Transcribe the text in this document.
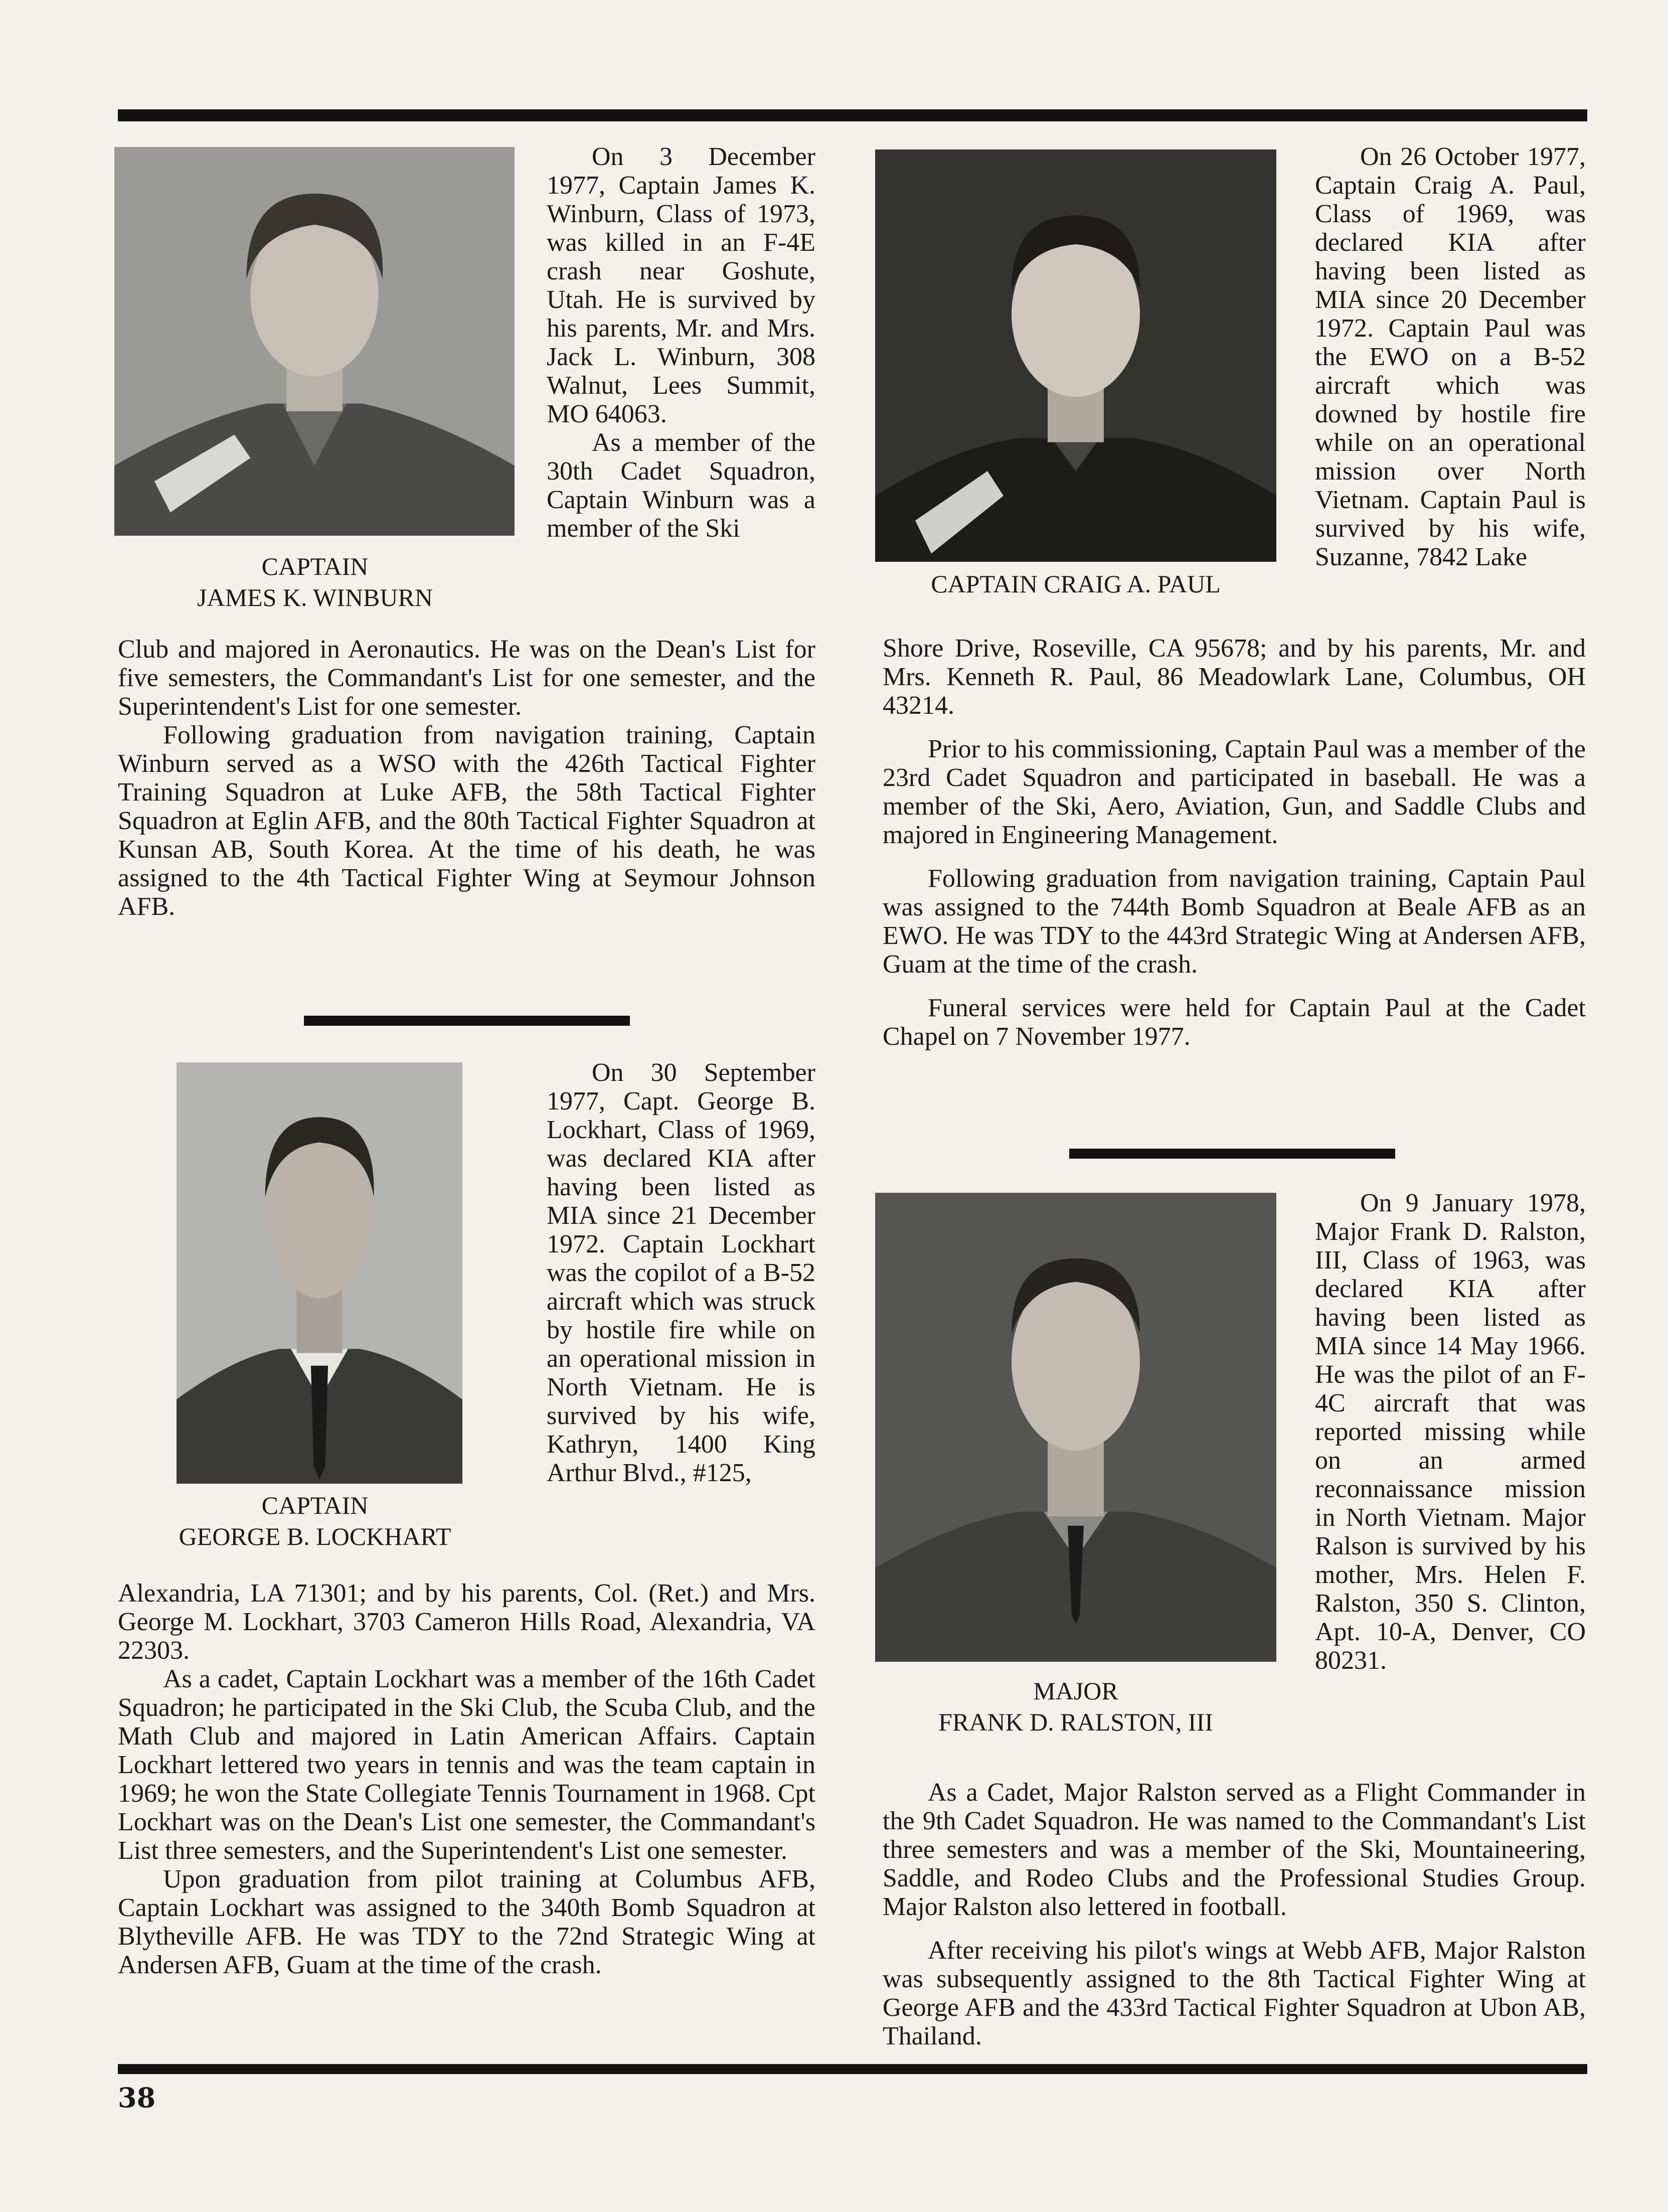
CAPTAIN
JAMES K. WINBURN

On 3 December 1977, Captain James K. Winburn, Class of 1973, was killed in an F-4E crash near Goshute, Utah. He is survived by his parents, Mr. and Mrs. Jack L. Winburn, 308 Walnut, Lees Summit, MO 64063.

As a member of the 30th Cadet Squadron, Captain Winburn was a member of the Ski

Club and majored in Aeronautics. He was on the Dean's List for five semesters, the Commandant's List for one semester, and the Superintendent's List for one semester.

Following graduation from navigation training, Captain Winburn served as a WSO with the 426th Tactical Fighter Training Squadron at Luke AFB, the 58th Tactical Fighter Squadron at Eglin AFB, and the 80th Tactical Fighter Squadron at Kunsan AB, South Korea. At the time of his death, he was assigned to the 4th Tactical Fighter Wing at Seymour Johnson AFB.

CAPTAIN
GEORGE B. LOCKHART

On 30 September 1977, Capt. George B. Lockhart, Class of 1969, was declared KIA after having been listed as MIA since 21 December 1972. Captain Lockhart was the copilot of a B-52 aircraft which was struck by hostile fire while on an operational mission in North Vietnam. He is survived by his wife, Kathryn, 1400 King Arthur Blvd., #125,

Alexandria, LA 71301; and by his parents, Col. (Ret.) and Mrs. George M. Lockhart, 3703 Cameron Hills Road, Alexandria, VA 22303.

As a cadet, Captain Lockhart was a member of the 16th Cadet Squadron; he participated in the Ski Club, the Scuba Club, and the Math Club and majored in Latin American Affairs. Captain Lockhart lettered two years in tennis and was the team captain in 1969; he won the State Collegiate Tennis Tournament in 1968. Cpt Lockhart was on the Dean's List one semester, the Commandant's List three semesters, and the Superintendent's List one semester.

Upon graduation from pilot training at Columbus AFB, Captain Lockhart was assigned to the 340th Bomb Squadron at Blytheville AFB. He was TDY to the 72nd Strategic Wing at Andersen AFB, Guam at the time of the crash.

CAPTAIN CRAIG A. PAUL

On 26 October 1977, Captain Craig A. Paul, Class of 1969, was declared KIA after having been listed as MIA since 20 December 1972. Captain Paul was the EWO on a B-52 aircraft which was downed by hostile fire while on an operational mission over North Vietnam. Captain Paul is survived by his wife, Suzanne, 7842 Lake

Shore Drive, Roseville, CA 95678; and by his parents, Mr. and Mrs. Kenneth R. Paul, 86 Meadowlark Lane, Columbus, OH 43214.

Prior to his commissioning, Captain Paul was a member of the 23rd Cadet Squadron and participated in baseball. He was a member of the Ski, Aero, Aviation, Gun, and Saddle Clubs and majored in Engineering Management.

Following graduation from navigation training, Captain Paul was assigned to the 744th Bomb Squadron at Beale AFB as an EWO. He was TDY to the 443rd Strategic Wing at Andersen AFB, Guam at the time of the crash.

Funeral services were held for Captain Paul at the Cadet Chapel on 7 November 1977.

MAJOR
FRANK D. RALSTON, III

On 9 January 1978, Major Frank D. Ralston, III, Class of 1963, was declared KIA after having been listed as MIA since 14 May 1966. He was the pilot of an F-4C aircraft that was reported missing while on an armed reconnaissance mission in North Vietnam. Major Ralson is survived by his mother, Mrs. Helen F. Ralston, 350 S. Clinton, Apt. 10-A, Denver, CO 80231.

As a Cadet, Major Ralston served as a Flight Commander in the 9th Cadet Squadron. He was named to the Commandant's List three semesters and was a member of the Ski, Mountaineering, Saddle, and Rodeo Clubs and the Professional Studies Group. Major Ralston also lettered in football.

After receiving his pilot's wings at Webb AFB, Major Ralston was subsequently assigned to the 8th Tactical Fighter Wing at George AFB and the 433rd Tactical Fighter Squadron at Ubon AB, Thailand.

38
